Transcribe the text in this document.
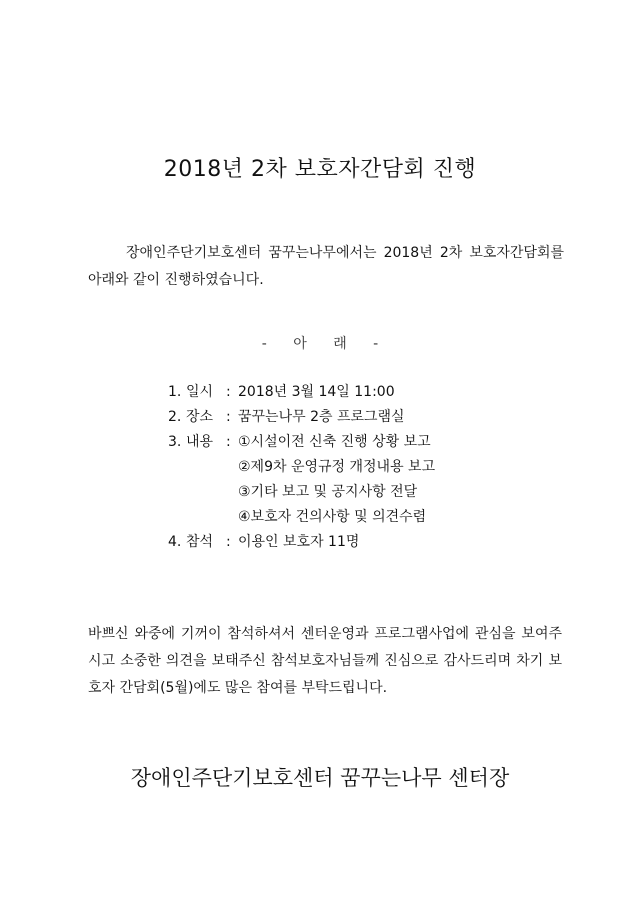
2018년 2차 보호자간담회 진행

장애인주단기보호센터 꿈꾸는나무에서는 2018년 2차 보호자간담회를 아래와 같이 진행하였습니다.

- 아 래 -
1. 일시 : 2018년 3월 14일 11:00
2. 장소 : 꿈꾸는나무 2층 프로그램실
3. 내용 : ①시설이전 신축 진행 상황 보고
②제9차 운영규정 개정내용 보고
③기타 보고 및 공지사항 전달
④보호자 건의사항 및 의견수렴
4. 참석 : 이용인 보호자 11명

바쁘신 와중에 기꺼이 참석하셔서 센터운영과 프로그램사업에 관심을 보여주시고 소중한 의견을 보태주신 참석보호자님들께 진심으로 감사드리며 차기 보호자 간담회(5월)에도 많은 참여를 부탁드립니다.

장애인주단기보호센터 꿈꾸는나무 센터장
